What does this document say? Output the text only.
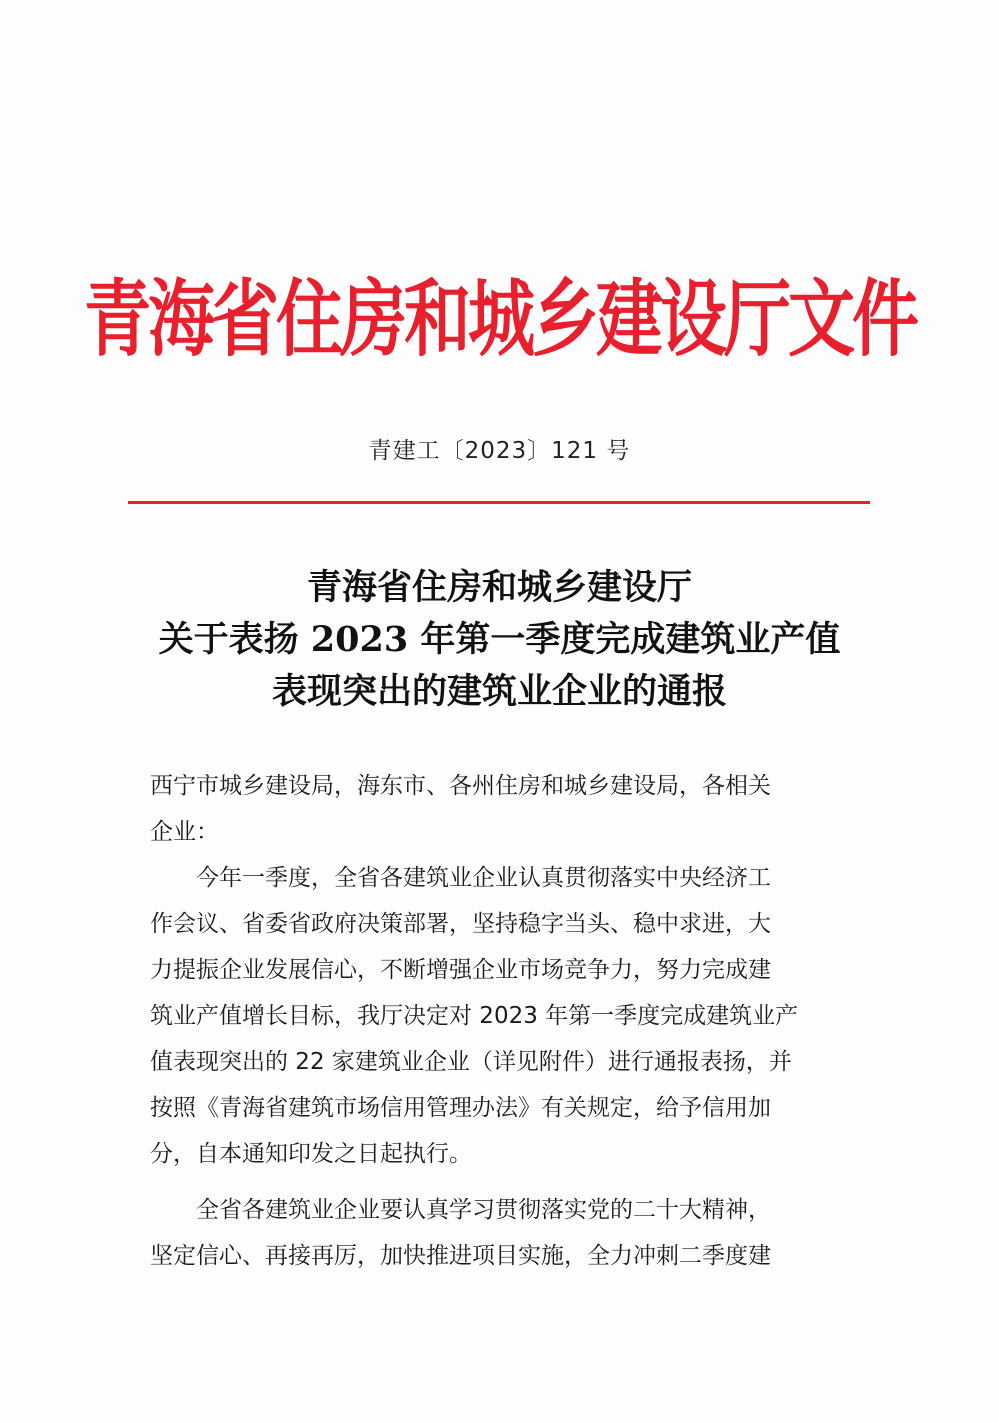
青海省住房和城乡建设厅文件
青建工〔2023〕121 号
青海省住房和城乡建设厅
关于表扬 2023 年第一季度完成建筑业产值
表现突出的建筑业企业的通报
西宁市城乡建设局，海东市、各州住房和城乡建设局，各相关
企业：
　　今年一季度，全省各建筑业企业认真贯彻落实中央经济工
作会议、省委省政府决策部署，坚持稳字当头、稳中求进，大
力提振企业发展信心，不断增强企业市场竞争力，努力完成建
筑业产值增长目标，我厅决定对 2023 年第一季度完成建筑业产
值表现突出的 22 家建筑业企业（详见附件）进行通报表扬，并
按照《青海省建筑市场信用管理办法》有关规定，给予信用加
分，自本通知印发之日起执行。
　　全省各建筑业企业要认真学习贯彻落实党的二十大精神，
坚定信心、再接再厉，加快推进项目实施，全力冲刺二季度建
